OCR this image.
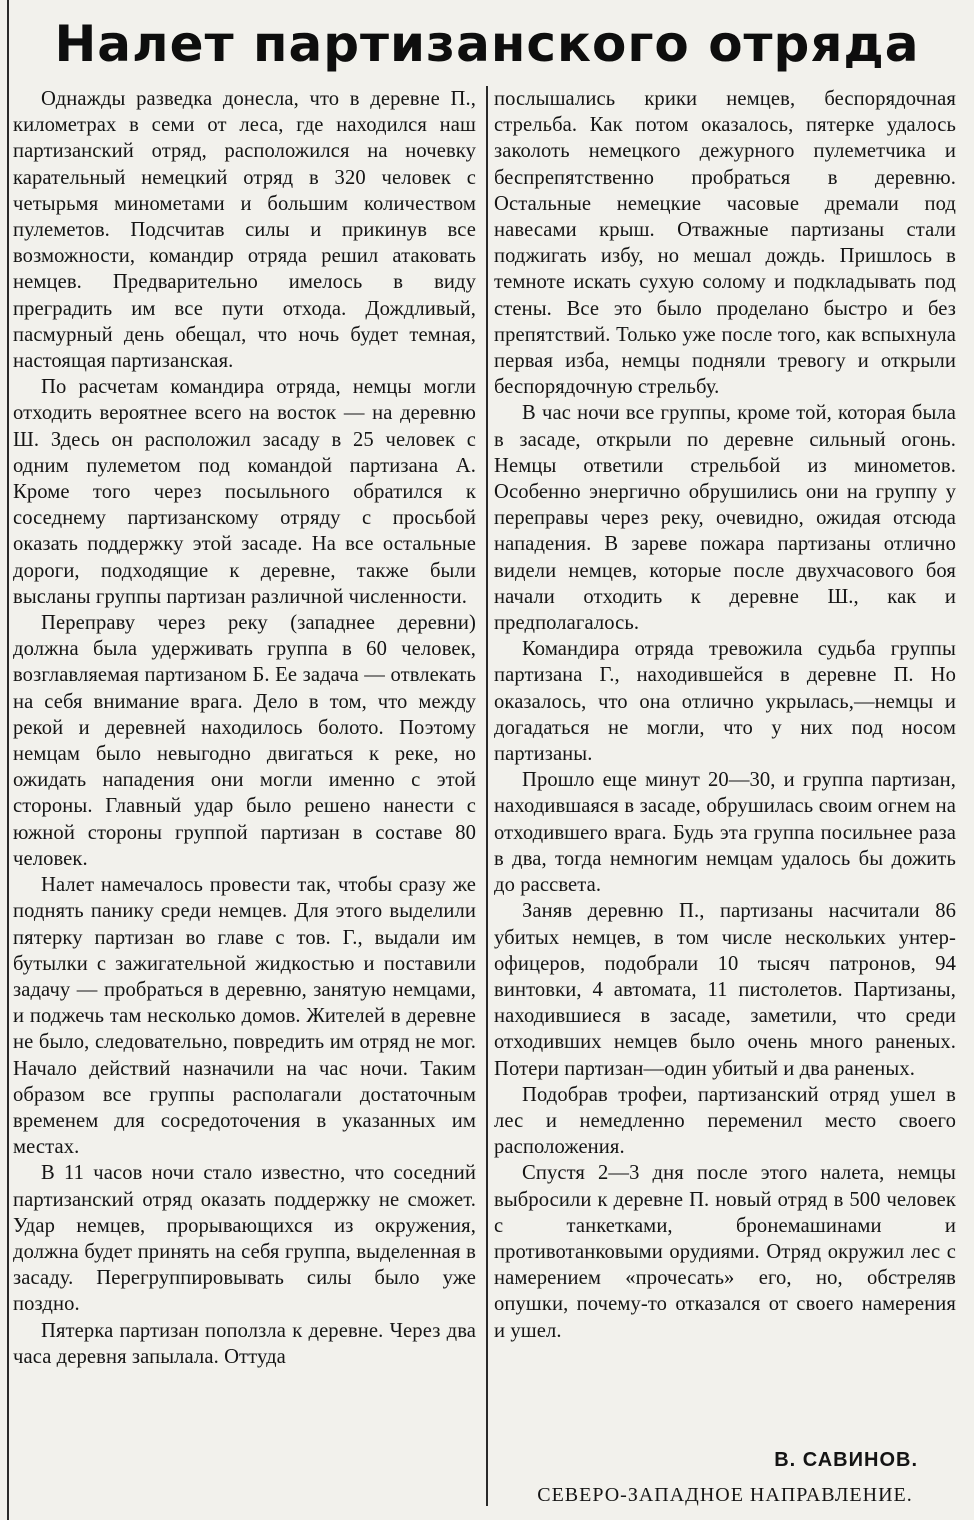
Налет партизанского отряда

Однажды разведка донесла, что в деревне П., километрах в семи от леса, где находился наш партизанский отряд, расположился на ночевку карательный немецкий отряд в 320 человек с четырьмя минометами и большим количеством пулеметов. Подсчитав силы и прикинув все возможности, командир отряда решил атаковать немцев. Предварительно имелось в виду преградить им все пути отхода. Дождливый, пасмурный день обещал, что ночь будет темная, настоящая партизанская.

По расчетам командира отряда, немцы могли отходить вероятнее всего на восток — на деревню Ш. Здесь он расположил засаду в 25 человек с одним пулеметом под командой партизана А. Кроме того через посыльного обратился к соседнему партизанскому отряду с просьбой оказать поддержку этой засаде. На все остальные дороги, подходящие к деревне, также были высланы группы партизан различной численности.

Переправу через реку (западнее деревни) должна была удерживать группа в 60 человек, возглавляемая партизаном Б. Ее задача — отвлекать на себя внимание врага. Дело в том, что между рекой и деревней находилось болото. Поэтому немцам было невыгодно двигаться к реке, но ожидать нападения они могли именно с этой стороны. Главный удар было решено нанести с южной стороны группой партизан в составе 80 человек.

Налет намечалось провести так, чтобы сразу же поднять панику среди немцев. Для этого выделили пятерку партизан во главе с тов. Г., выдали им бутылки с зажигательной жидкостью и поставили задачу — пробраться в деревню, занятую немцами, и поджечь там несколько домов. Жителей в деревне не было, следовательно, повредить им отряд не мог. Начало действий назначили на час ночи. Таким образом все группы располагали достаточным временем для сосредоточения в указанных им местах.

В 11 часов ночи стало известно, что соседний партизанский отряд оказать поддержку не сможет. Удар немцев, прорывающихся из окружения, должна будет принять на себя группа, выделенная в засаду. Перегруппировывать силы было уже поздно.

Пятерка партизан поползла к деревне. Через два часа деревня запылала. Оттуда

послышались крики немцев, беспорядочная стрельба. Как потом оказалось, пятерке удалось заколоть немецкого дежурного пулеметчика и беспрепятственно пробраться в деревню. Остальные немецкие часовые дремали под навесами крыш. Отважные партизаны стали поджигать избу, но мешал дождь. Пришлось в темноте искать сухую солому и подкладывать под стены. Все это было проделано быстро и без препятствий. Только уже после того, как вспыхнула первая изба, немцы подняли тревогу и открыли беспорядочную стрельбу.

В час ночи все группы, кроме той, которая была в засаде, открыли по деревне сильный огонь. Немцы ответили стрельбой из минометов. Особенно энергично обрушились они на группу у переправы через реку, очевидно, ожидая отсюда нападения. В зареве пожара партизаны отлично видели немцев, которые после двухчасового боя начали отходить к деревне Ш., как и предполагалось.

Командира отряда тревожила судьба группы партизана Г., находившейся в деревне П. Но оказалось, что она отлично укрылась,—немцы и догадаться не могли, что у них под носом партизаны.

Прошло еще минут 20—30, и группа партизан, находившаяся в засаде, обрушилась своим огнем на отходившего врага. Будь эта группа посильнее раза в два, тогда немногим немцам удалось бы дожить до рассвета.

Заняв деревню П., партизаны насчитали 86 убитых немцев, в том числе нескольких унтер-офицеров, подобрали 10 тысяч патронов, 94 винтовки, 4 автомата, 11 пистолетов. Партизаны, находившиеся в засаде, заметили, что среди отходивших немцев было очень много раненых. Потери партизан—один убитый и два раненых.

Подобрав трофеи, партизанский отряд ушел в лес и немедленно переменил место своего расположения.

Спустя 2—3 дня после этого налета, немцы выбросили к деревне П. новый отряд в 500 человек с танкетками, бронемашинами и противотанковыми орудиями. Отряд окружил лес с намерением «прочесать» его, но, обстреляв опушки, почему-то отказался от своего намерения и ушел.

В. САВИНОВ.

СЕВЕРО-ЗАПАДНОЕ НАПРАВЛЕНИЕ.
